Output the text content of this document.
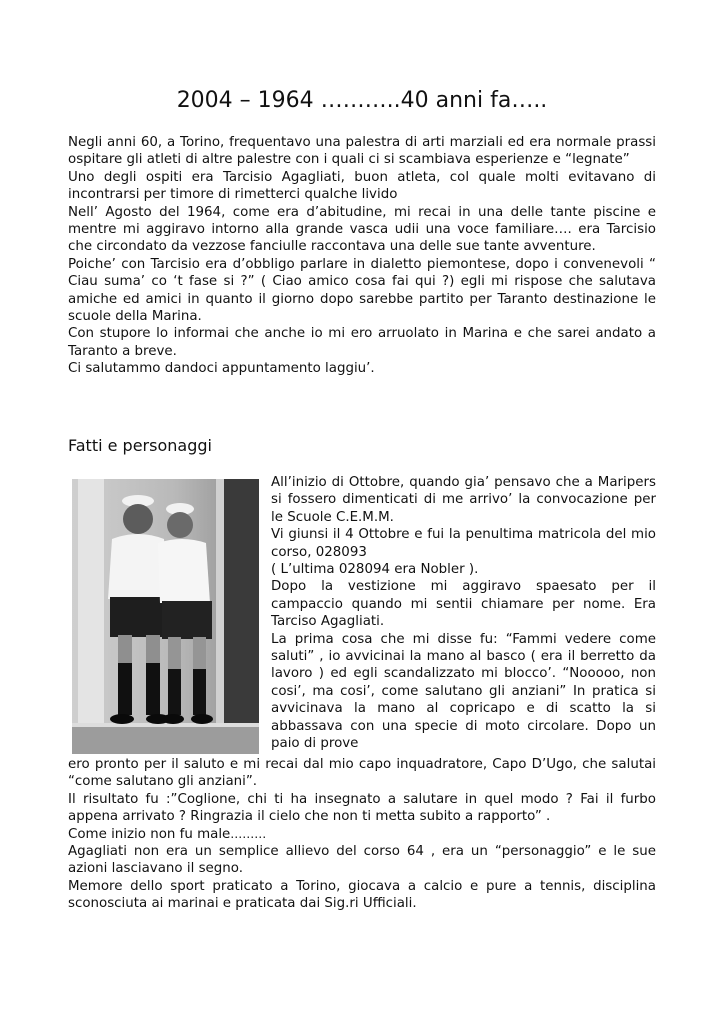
2004 – 1964 ………..40 anni fa…..

Negli anni 60, a Torino, frequentavo una palestra di arti marziali ed era normale prassi ospitare gli atleti di altre palestre con i quali ci si scambiava esperienze e “legnate”

Uno degli ospiti era Tarcisio Agagliati, buon atleta, col quale molti evitavano di incontrarsi per timore di rimetterci qualche livido

Nell’ Agosto del 1964, come era d’abitudine, mi recai in una delle tante piscine e mentre mi aggiravo intorno alla grande vasca udii una voce familiare…. era Tarcisio che circondato da vezzose fanciulle raccontava una delle sue tante avventure.

Poiche’ con Tarcisio era d’obbligo parlare in dialetto piemontese, dopo i convenevoli “ Ciau suma’ co ‘t fase si ?” ( Ciao amico cosa fai qui ?) egli mi rispose che salutava amiche ed amici in quanto il giorno dopo sarebbe partito per Taranto destinazione le scuole della Marina.

Con stupore lo informai che anche io mi ero arruolato in Marina e che sarei andato a Taranto a breve.

Ci salutammo dandoci appuntamento laggiu’.

Fatti e personaggi

All’inizio di Ottobre, quando gia’ pensavo che a Maripers si fossero dimenticati di me arrivo’ la convocazione per le Scuole C.E.M.M.

Vi giunsi il 4 Ottobre e fui la penultima matricola del mio corso, 028093

( L’ultima 028094 era Nobler ).

Dopo la vestizione mi aggiravo spaesato per il campaccio quando mi sentii chiamare per nome. Era Tarciso Agagliati.

La prima cosa che mi disse fu: “Fammi vedere come saluti” , io avvicinai la mano al basco ( era il berretto da lavoro ) ed egli scandalizzato mi blocco’. “Nooooo, non cosi’, ma cosi’, come salutano gli anziani” In pratica si avvicinava la mano al copricapo e di scatto la si abbassava con una specie di moto circolare. Dopo un paio di prove

ero pronto per il saluto e mi recai dal mio capo inquadratore, Capo D’Ugo, che salutai “come salutano gli anziani”.

Il risultato fu :”Coglione, chi ti ha insegnato a salutare in quel modo ? Fai il furbo appena arrivato ? Ringrazia il cielo che non ti metta subito a rapporto” .

Come inizio non fu male………

Agagliati non era un semplice allievo del corso 64 , era un “personaggio” e le sue azioni lasciavano il segno.

Memore dello sport praticato a Torino, giocava a calcio e pure a tennis, disciplina sconosciuta ai marinai e praticata dai Sig.ri Ufficiali.
